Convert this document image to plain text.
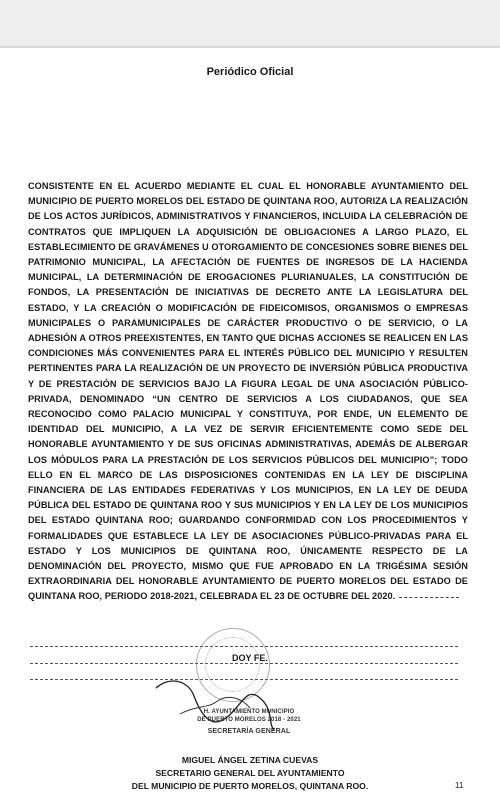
Periódico Oficial
CONSISTENTE EN EL ACUERDO MEDIANTE EL CUAL EL HONORABLE AYUNTAMIENTO DEL MUNICIPIO DE PUERTO MORELOS DEL ESTADO DE QUINTANA ROO, AUTORIZA LA REALIZACIÓN DE LOS ACTOS JURÍDICOS, ADMINISTRATIVOS Y FINANCIEROS, INCLUIDA LA CELEBRACIÓN DE CONTRATOS QUE IMPLIQUEN LA ADQUISICIÓN DE OBLIGACIONES A LARGO PLAZO, EL ESTABLECIMIENTO DE GRAVÁMENES U OTORGAMIENTO DE CONCESIONES SOBRE BIENES DEL PATRIMONIO MUNICIPAL, LA AFECTACIÓN DE FUENTES DE INGRESOS DE LA HACIENDA MUNICIPAL, LA DETERMINACIÓN DE EROGACIONES PLURIANUALES, LA CONSTITUCIÓN DE FONDOS, LA PRESENTACIÓN DE INICIATIVAS DE DECRETO ANTE LA LEGISLATURA DEL ESTADO, Y LA CREACIÓN O MODIFICACIÓN DE FIDEICOMISOS, ORGANISMOS O EMPRESAS MUNICIPALES O PARAMUNICIPALES DE CARÁCTER PRODUCTIVO O DE SERVICIO, O LA ADHESIÓN A OTROS PREEXISTENTES, EN TANTO QUE DICHAS ACCIONES SE REALICEN EN LAS CONDICIONES MÁS CONVENIENTES PARA EL INTERÉS PÚBLICO DEL MUNICIPIO Y RESULTEN PERTINENTES PARA LA REALIZACIÓN DE UN PROYECTO DE INVERSIÓN PÚBLICA PRODUCTIVA Y DE PRESTACIÓN DE SERVICIOS BAJO LA FIGURA LEGAL DE UNA ASOCIACIÓN PÚBLICO-PRIVADA, DENOMINADO “UN CENTRO DE SERVICIOS A LOS CIUDADANOS, QUE SEA RECONOCIDO COMO PALACIO MUNICIPAL Y CONSTITUYA, POR ENDE, UN ELEMENTO DE IDENTIDAD DEL MUNICIPIO, A LA VEZ DE SERVIR EFICIENTEMENTE COMO SEDE DEL HONORABLE AYUNTAMIENTO Y DE SUS OFICINAS ADMINISTRATIVAS, ADEMÁS DE ALBERGAR LOS MÓDULOS PARA LA PRESTACIÓN DE LOS SERVICIOS PÚBLICOS DEL MUNICIPIO”; TODO ELLO EN EL MARCO DE LAS DISPOSICIONES CONTENIDAS EN LA LEY DE DISCIPLINA FINANCIERA DE LAS ENTIDADES FEDERATIVAS Y LOS MUNICIPIOS, EN LA LEY DE DEUDA PÚBLICA DEL ESTADO DE QUINTANA ROO Y SUS MUNICIPIOS Y EN LA LEY DE LOS MUNICIPIOS DEL ESTADO QUINTANA ROO; GUARDANDO CONFORMIDAD CON LOS PROCEDIMIENTOS Y FORMALIDADES QUE ESTABLECE LA LEY DE ASOCIACIONES PÚBLICO-PRIVADAS PARA EL ESTADO Y LOS MUNICIPIOS DE QUINTANA ROO, ÚNICAMENTE RESPECTO DE LA DENOMINACIÓN DEL PROYECTO, MISMO QUE FUE APROBADO EN LA TRIGÉSIMA SESIÓN EXTRAORDINARIA DEL HONORABLE AYUNTAMIENTO DE PUERTO MORELOS DEL ESTADO DE QUINTANA ROO, PERIODO 2018-2021, CELEBRADA EL 23 DE OCTUBRE DEL 2020.
DOY FE.
H. AYUNTAMIENTO MUNICIPIO
DE PUERTO MORELOS 2018 - 2021
SECRETARÍA GENERAL
MIGUEL ÁNGEL ZETINA CUEVAS
SECRETARIO GENERAL DEL AYUNTAMIENTO
DEL MUNICIPIO DE PUERTO MORELOS, QUINTANA ROO.	11
